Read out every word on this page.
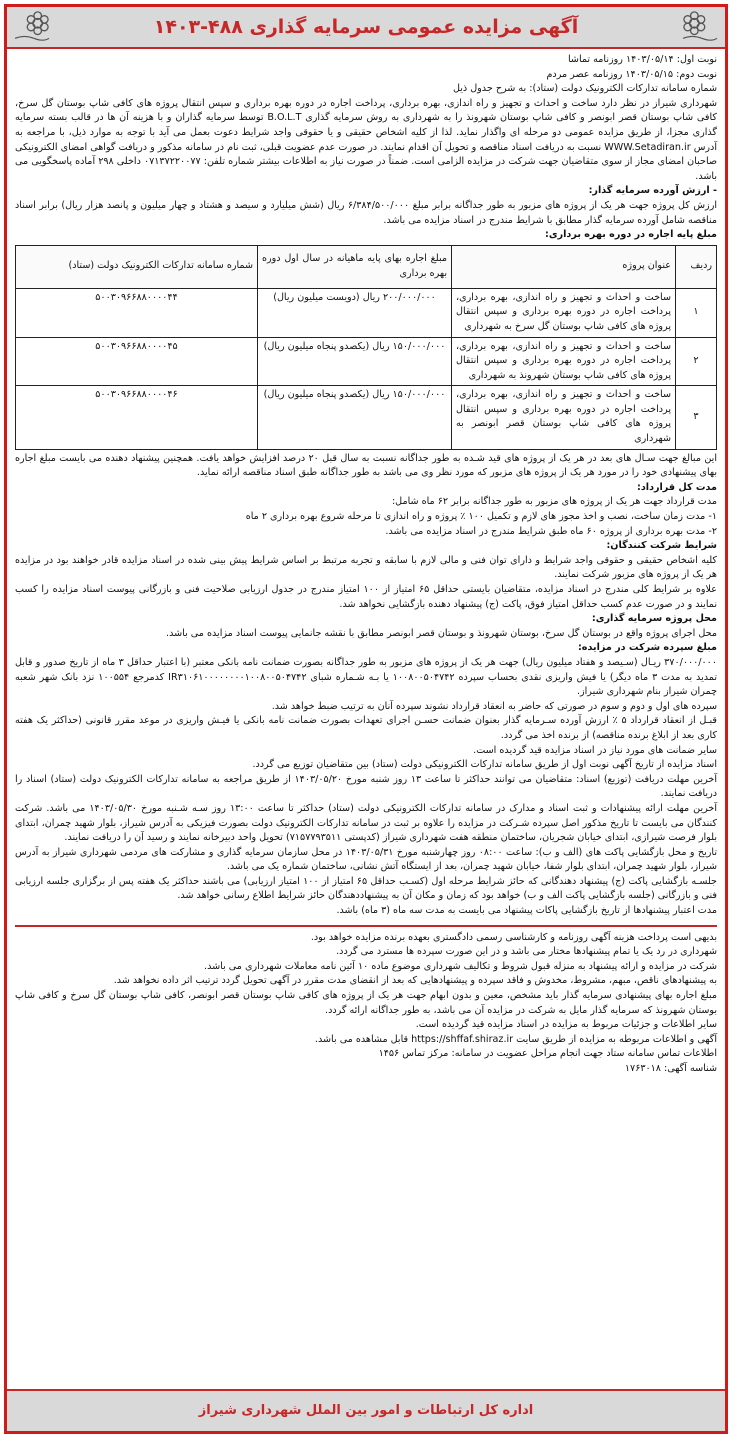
آگهی مزایده عمومی سرمایه گذاری ۴۸۸-۱۴۰۳

نوبت اول: ۱۴۰۳/۰۵/۱۴ روزنامه تماشا

نوبت دوم: ۱۴۰۳/۰۵/۱۵ روزنامه عصر مردم

شماره سامانه تدارکات الکترونیک دولت (ستاد): به شرح جدول ذیل

شهرداری شیراز در نظر دارد ساخت و احداث و تجهیز و راه اندازی، بهره برداری، پرداخت اجاره در دوره بهره برداری و سپس انتقال پروژه های کافی شاپ بوستان گل سرخ، کافی شاپ بوستان قصر ابونصر و کافی شاپ بوستان شهرونذ را به شهرداری به روش سرمایه گذاری B.O.L.T توسط سرمایه گذاران و با هزینه آن ها در قالب بسته سرمایه گذاری مجزا، از طریق مزایده عمومی دو مرحله ای واگذار نماید. لذا از کلیه اشخاص حقیقی و یا حقوقی واجد شرایط دعوت بعمل می آید با توجه به موارد ذیل، با مراجعه به آدرس WWW.Setadiran.ir نسبت به دریافت اسناد مناقصه و تحویل آن اقدام نمایند. در صورت عدم عضویت قبلی، ثبت نام در سامانه مذکور و دریافت گواهی امضای الکترونیکی صاحبان امضای مجاز از سوی متقاضیان جهت شرکت در مزایده الزامی است. ضمناً در صورت نیاز به اطلاعات بیشتر شماره تلفن: ۰۷۱۳۷۲۲۰۰۷۷ داخلی ۲۹۸ آماده پاسخگویی می باشد.

- ارزش آورده سرمایه گذار:

ارزش کل پروژه جهت هر یک از پروژه های مزبور به طور جداگانه برابر مبلغ ۶/۳۸۴/۵۰۰/۰۰۰ ریال (شش میلیارد و سیصد و هشتاد و چهار میلیون و پانصد هزار ریال) برابر اسناد مناقصه شامل آورده سرمایه گذار مطابق با شرایط مندرج در اسناد مزایده می باشد.

مبلغ پایه اجاره در دوره بهره برداری:

ردیف	عنوان پروژه	مبلغ اجاره بهای پایه ماهیانه در سال اول دوره بهره برداری	شماره سامانه تدارکات الکترونیک دولت (ستاد)
۱	ساخت و احداث و تجهیز و راه اندازی، بهره برداری، پرداخت اجاره در دوره بهره برداری و سپس انتقال پروژه های کافی شاپ بوستان گل سرخ به شهرداری	۲۰۰/۰۰۰/۰۰۰ ریال (دویست میلیون ریال)	۵۰۰۳۰۹۶۶۸۸۰۰۰۰۴۴
۲	ساخت و احداث و تجهیز و راه اندازی، بهره برداری، پرداخت اجاره در دوره بهره برداری و سپس انتقال پروژه های کافی شاپ بوستان شهرونذ به شهرداری	۱۵۰/۰۰۰/۰۰۰ ریال (یکصدو پنجاه میلیون ریال)	۵۰۰۳۰۹۶۶۸۸۰۰۰۰۴۵
۳	ساخت و احداث و تجهیز و راه اندازی، بهره برداری، پرداخت اجاره در دوره بهره برداری و سپس انتقال پروژه های کافی شاپ بوستان قصر ابونصر به شهرداری	۱۵۰/۰۰۰/۰۰۰ ریال (یکصدو پنجاه میلیون ریال)	۵۰۰۳۰۹۶۶۸۸۰۰۰۰۴۶

این مبالغ جهت سـال های بعد در هر یک از پروژه های قید شـده به طور جداگانه نسبت به سال قبل ۲۰ درصد افزایش خواهد یافت. همچنین پیشنهاد دهنده می بایست مبلغ اجاره بهای پیشنهادی خود را در مورد هر یک از پروژه های مزبور که مورد نظر وی می باشد به طور جداگانه طبق اسناد مناقصه ارائه نماید.

مدت کل قرارداد:

مدت قرارداد جهت هر یک از پروژه های مزبور به طور جداگانه برابر ۶۲ ماه شامل:

۱- مدت زمان ساخت، نصب و اخذ مجوز های لازم و تکمیل ۱۰۰ ٪ پروژه و راه اندازی تا مرحله شروع بهره برداری ۲ ماه

۲- مدت بهره برداری از پروژه ۶۰ ماه طبق شرایط مندرج در اسناد مزایده می باشد.

شرایط شرکت کنندگان:

کلیه اشخاص حقیقی و حقوقی واجد شرایط و دارای توان فنی و مالی لازم با سابقه و تجربه مرتبط بر اساس شرایط پیش بینی شده در اسناد مزایده قادر خواهند بود در مزایده هر یک از پروژه های مزبور شرکت نمایند.

علاوه بر شرایط کلی مندرج در اسناد مزایده، متقاضیان بایستی حداقل ۶۵ امتیاز از ۱۰۰ امتیاز مندرج در جدول ارزیابی صلاحیت فنی و بازرگانی پیوست اسناد مزایده را کسب نمایند و در صورت عدم کسب حداقل امتیاز فوق، پاکت (ج) پیشنهاد دهنده بازگشایی نخواهد شد.

محل پروژه سرمایه گذاری:

محل اجرای پروژه واقع در بوستان گل سرخ، بوستان شهرونذ و بوستان قصر ابونصر مطابق با نقشه جانمایی پیوست اسناد مزایده می باشد.

مبلغ سپرده شرکت در مزایده:

۳۷۰/۰۰۰/۰۰۰ ریـال (سـیصد و هفتاد میلیون ریال) جهت هر یک از پروژه های مزبور به طور جداگانه بصورت ضمانت نامه بانکی معتبر (با اعتبار حداقل ۳ ماه از تاریخ صدور و قابل تمدید به مدت ۳ ماه دیگر) یا فیش واریزی نقدی بحساب سپرده ۱۰۰۸۰۰۵۰۴۷۴۲ یا بـه شـماره شبای IR۳۱۰۶۱۰۰۰۰۰۰۰۰۱۰۰۸۰۰۵۰۴۷۴۲ کدمرجع ۱۰۰۵۵۴ نزد بانک شهر شعبه چمران شیراز بنام شهرداری شیراز.

سپرده های اول و دوم و سوم در صورتی که حاضر به انعقاد قرارداد نشوند سپرده آنان به ترتیب ضبط خواهد شد.

قبـل از انعقاد قرارداد ۵ ٪ ارزش آورده سـرمایه گذار بعنوان ضمانت حسـن اجرای تعهدات بصورت ضمانت نامه بانکی یا فیـش واریزی در موعد مقرر قانونی (حداکثر یک هفته کاری بعد از ابلاغ برنده مناقصه) از برنده اخذ می گردد.

سایر ضمانت های مورد نیاز در اسناد مزایده قید گردیده است.

اسناد مزایده از تاریخ آگهی نوبت اول از طریق سامانه تدارکات الکترونیکی دولت (ستاد) بین متقاضیان توزیع می گردد.

آخرین مهلت دریافت (توزیع) اسناد: متقاضیان می توانند حداکثر تا ساعت ۱۳ روز شنبه مورخ ۱۴۰۳/۰۵/۲۰ از طریق مراجعه به سامانه تدارکات الکترونیک دولت (ستاد) اسناد را دریافت نمایند.

آخرین مهلت ارائه پیشنهادات و ثبت اسناد و مدارک در سامانه تدارکات الکترونیکی دولت (ستاد) حداکثر تا ساعت ۱۳:۰۰ روز سـه شـنبه مورخ ۱۴۰۳/۰۵/۳۰ می باشد. شرکت کنندگان می بایست تا تاریخ مذکور اصل سپرده شـرکت در مزایده را علاوه بر ثبت در سامانه تدارکات الکترونیک دولت بصورت فیزیکی به آدرس شیراز، بلوار شهید چمران، ابتدای بلوار فرصت شیرازی، ابتدای خیابان شجریان، ساختمان منطقه هفت شهرداری شیراز (کدپستی ۷۱۵۷۷۹۳۵۱۱) تحویل واحد دبیرخانه نمایند و رسید آن را دریافت نمایند.

تاریخ و محل بازگشایی پاکت های (الف و ب): ساعت ۰۸:۰۰ روز چهارشنبه مورخ ۱۴۰۳/۰۵/۳۱ در محل سازمان سرمایه گذاری و مشارکت های مردمی شهرداری شیراز به آدرس شیراز، بلوار شهید چمران، ابتدای بلوار شفا، خیابان شهید چمران، بعد از ایستگاه آتش نشانی، ساختمان شماره یک می باشد.

جلسـه بازگشایی پاکت (ج) پیشنهاد دهندگانی که حائز شرایط مرحله اول (کسـب حداقل ۶۵ امتیاز از ۱۰۰ امتیاز ارزیابی) می باشند حداکثر یک هفته پس از برگزاری جلسه ارزیابی فنی و بازرگانی (جلسه بازگشایی پاکت الف و ب) خواهد بود که زمان و مکان آن به پیشنهاددهندگان حائز شرایط اطلاع رسانی خواهد شد.

مدت اعتبار پیشنهادها از تاریخ بازگشایی پاکات پیشنهاد می بایست به مدت سه ماه (۳ ماه) باشد.

بدیهی است پرداخت هزینه آگهی روزنامه و کارشناسی رسمی دادگستری بعهده برنده مزایده خواهد بود.

شهرداری در رد یک یا تمام پیشنهادها مختار می باشد و در این صورت سپرده ها مسترد می گردد.

شرکت در مزایده و ارائه پیشنهاد به منزله قبول شروط و تکالیف شهرداری موضوع ماده ۱۰ آئین نامه معاملات شهرداری می باشد.

به پیشنهادهای ناقص، مبهم، مشروط، مخدوش و فاقد سپرده و پیشنهادهایی که بعد از انقضای مدت مقرر در آگهی تحویل گردد ترتیب اثر داده نخواهد شد.

مبلغ اجاره بهای پیشنهادی سرمایه گذار باید مشخص، معین و بدون ابهام جهت هر یک از پروژه های کافی شاپ بوستان قصر ابونصر، کافی شاپ بوستان گل سرخ و کافی شاپ بوستان شهرونذ که سرمایه گذار مایل به شرکت در مزایده آن می باشد، به طور جداگانه ارائه گردد.

سایر اطلاعات و جزئیات مربوط به مزایده در اسناد مزایده قید گردیده است.

آگهی و اطلاعات مربوطه به مزایده از طریق سایت https://shffaf.shiraz.ir قابل مشاهده می باشد.

اطلاعات تماس سامانه ستاد جهت انجام مراحل عضویت در سامانه: مرکز تماس ۱۴۵۶

شناسه آگهی: ۱۷۶۳۰۱۸

اداره کل ارتباطات و امور بین الملل شهرداری شیراز
